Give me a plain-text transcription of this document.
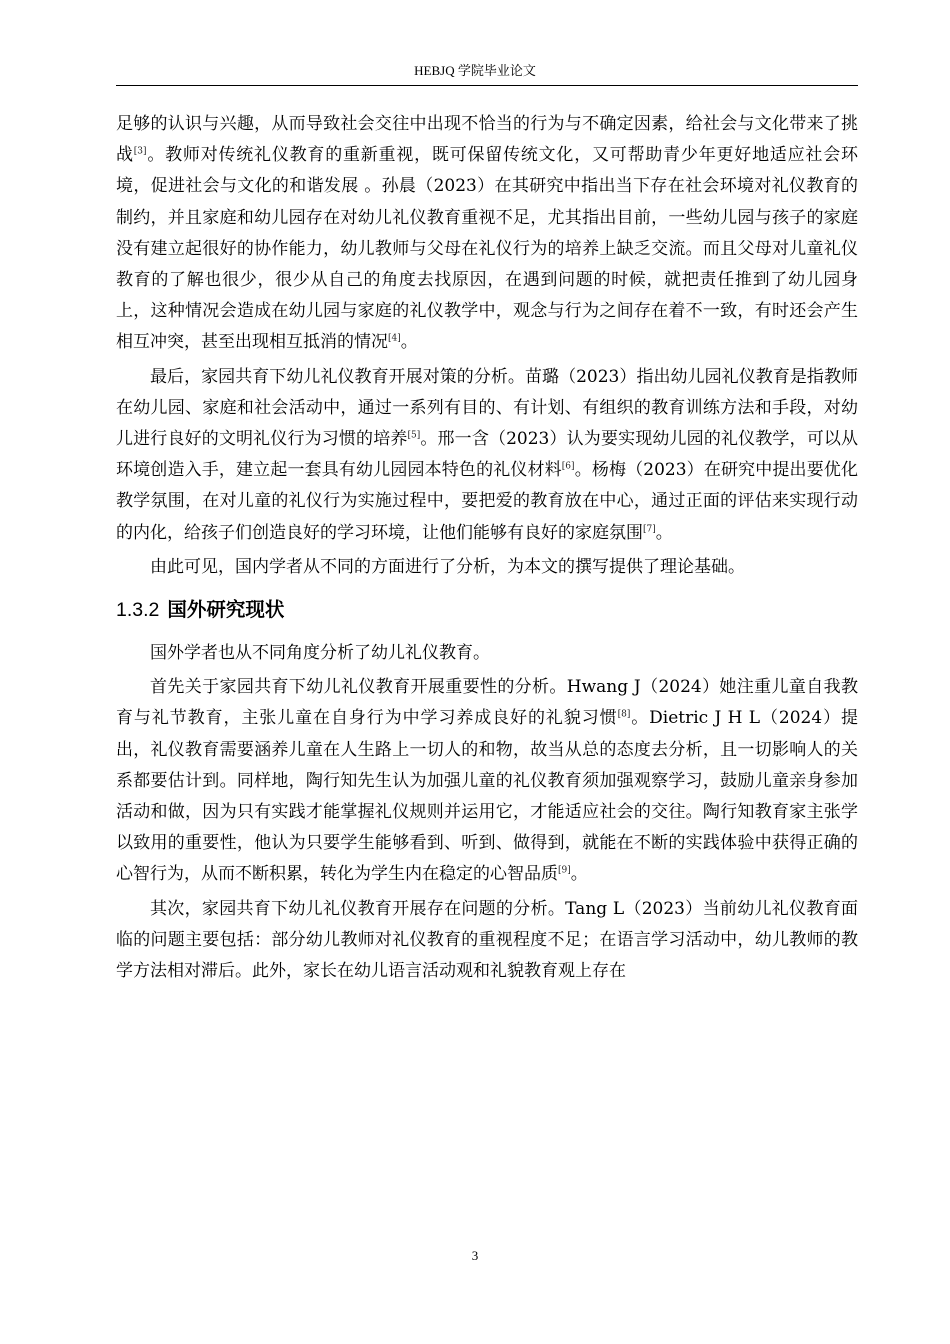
HEBJQ 学院毕业论文

足够的认识与兴趣，从而导致社会交往中出现不恰当的行为与不确定因素，给社会与文化带来了挑战[3]。教师对传统礼仪教育的重新重视，既可保留传统文化，又可帮助青少年更好地适应社会环境，促进社会与文化的和谐发展 。孙晨（2023）在其研究中指出当下存在社会环境对礼仪教育的制约，并且家庭和幼儿园存在对幼儿礼仪教育重视不足，尤其指出目前，一些幼儿园与孩子的家庭没有建立起很好的协作能力，幼儿教师与父母在礼仪行为的培养上缺乏交流。而且父母对儿童礼仪教育的了解也很少，很少从自己的角度去找原因，在遇到问题的时候，就把责任推到了幼儿园身上，这种情况会造成在幼儿园与家庭的礼仪教学中，观念与行为之间存在着不一致，有时还会产生相互冲突，甚至出现相互抵消的情况[4]。

最后，家园共育下幼儿礼仪教育开展对策的分析。苗璐（2023）指出幼儿园礼仪教育是指教师在幼儿园、家庭和社会活动中，通过一系列有目的、有计划、有组织的教育训练方法和手段，对幼儿进行良好的文明礼仪行为习惯的培养[5]。邢一含（2023）认为要实现幼儿园的礼仪教学，可以从环境创造入手，建立起一套具有幼儿园园本特色的礼仪材料[6]。杨梅（2023）在研究中提出要优化教学氛围，在对儿童的礼仪行为实施过程中，要把爱的教育放在中心，通过正面的评估来实现行动的内化，给孩子们创造良好的学习环境，让他们能够有良好的家庭氛围[7]。

由此可见，国内学者从不同的方面进行了分析，为本文的撰写提供了理论基础。

1.3.2 国外研究现状

国外学者也从不同角度分析了幼儿礼仪教育。

首先关于家园共育下幼儿礼仪教育开展重要性的分析。Hwang J（2024）她注重儿童自我教育与礼节教育，主张儿童在自身行为中学习养成良好的礼貌习惯[8]。Dietric J H L（2024）提出，礼仪教育需要涵养儿童在人生路上一切人的和物，故当从总的态度去分析，且一切影响人的关系都要估计到。同样地，陶行知先生认为加强儿童的礼仪教育须加强观察学习，鼓励儿童亲身参加活动和做，因为只有实践才能掌握礼仪规则并运用它，才能适应社会的交往。陶行知教育家主张学以致用的重要性，他认为只要学生能够看到、听到、做得到，就能在不断的实践体验中获得正确的心智行为，从而不断积累，转化为学生内在稳定的心智品质[9]。

其次，家园共育下幼儿礼仪教育开展存在问题的分析。Tang L（2023）当前幼儿礼仪教育面临的问题主要包括：部分幼儿教师对礼仪教育的重视程度不足；在语言学习活动中，幼儿教师的教学方法相对滞后。此外，家长在幼儿语言活动观和礼貌教育观上存在

3
